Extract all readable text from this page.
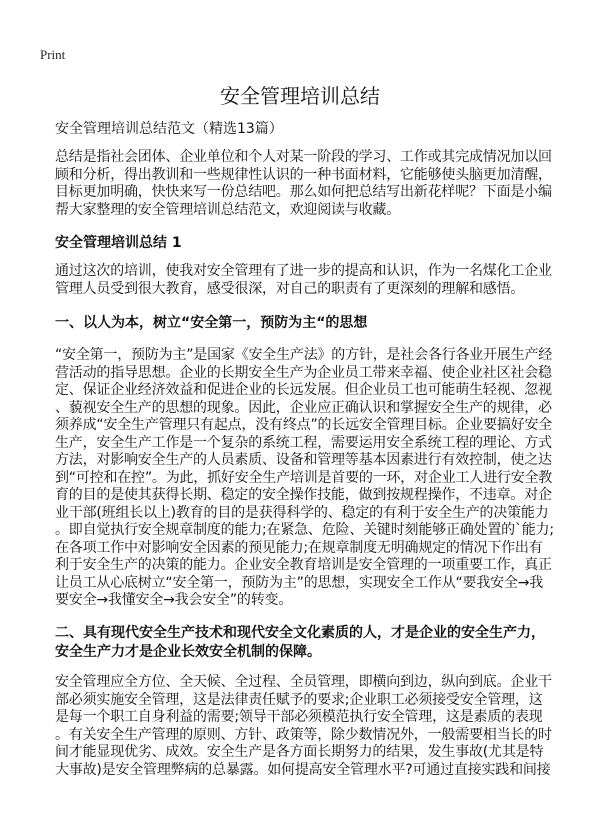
Print
安全管理培训总结
安全管理培训总结范文（精选13篇）
总结是指社会团体、企业单位和个人对某一阶段的学习、工作或其完成情况加以回
顾和分析，得出教训和一些规律性认识的一种书面材料，它能够使头脑更加清醒，
目标更加明确，快快来写一份总结吧。那么如何把总结写出新花样呢？下面是小编
帮大家整理的安全管理培训总结范文，欢迎阅读与收藏。
安全管理培训总结 1
通过这次的培训，使我对安全管理有了进一步的提高和认识，作为一名煤化工企业
管理人员受到很大教育，感受很深，对自己的职责有了更深刻的理解和感悟。
一、以人为本，树立“安全第一，预防为主“的思想
“安全第一，预防为主”是国家《安全生产法》的方针，是社会各行各业开展生产经
营活动的指导思想。企业的长期安全生产为企业员工带来幸福、使企业社区社会稳
定、保证企业经济效益和促进企业的长远发展。但企业员工也可能萌生轻视、忽视
、藐视安全生产的思想的现象。因此，企业应正确认识和掌握安全生产的规律，必
须养成“安全生产管理只有起点，没有终点”的长远安全管理目标。企业要搞好安全
生产，安全生产工作是一个复杂的系统工程，需要运用安全系统工程的理论、方式
方法，对影响安全生产的人员素质、设备和管理等基本因素进行有效控制，使之达
到“可控和在控”。为此，抓好安全生产培训是首要的一环，对企业工人进行安全教
育的目的是使其获得长期、稳定的安全操作技能，做到按规程操作，不违章。对企
业干部(班组长以上)教育的目的是获得科学的、稳定的有利于安全生产的决策能力
。即自觉执行安全规章制度的能力;在紧急、危险、关键时刻能够正确处置的`能力;
在各项工作中对影响安全因素的预见能力;在规章制度无明确规定的情况下作出有
利于安全生产的决策的能力。企业安全教育培训是安全管理的一项重要工作，真正
让员工从心底树立“安全第一，预防为主”的思想，实现安全工作从“要我安全→我
要安全→我懂安全→我会安全”的转变。
二、具有现代安全生产技术和现代安全文化素质的人，才是企业的安全生产力，
安全生产力才是企业长效安全机制的保障。
安全管理应全方位、全天候、全过程、全员管理，即横向到边，纵向到底。企业干
部必须实施安全管理，这是法律责任赋予的要求;企业职工必须接受安全管理，这
是每一个职工自身利益的需要;领导干部必须模范执行安全管理，这是素质的表现
。有关安全生产管理的原则、方针、政策等，除少数情况外，一般需要相当长的时
间才能显现优劣、成效。安全生产是各方面长期努力的结果，发生事故(尤其是特
大事故)是安全管理弊病的总暴露。如何提高安全管理水平?可通过直接实践和间接
